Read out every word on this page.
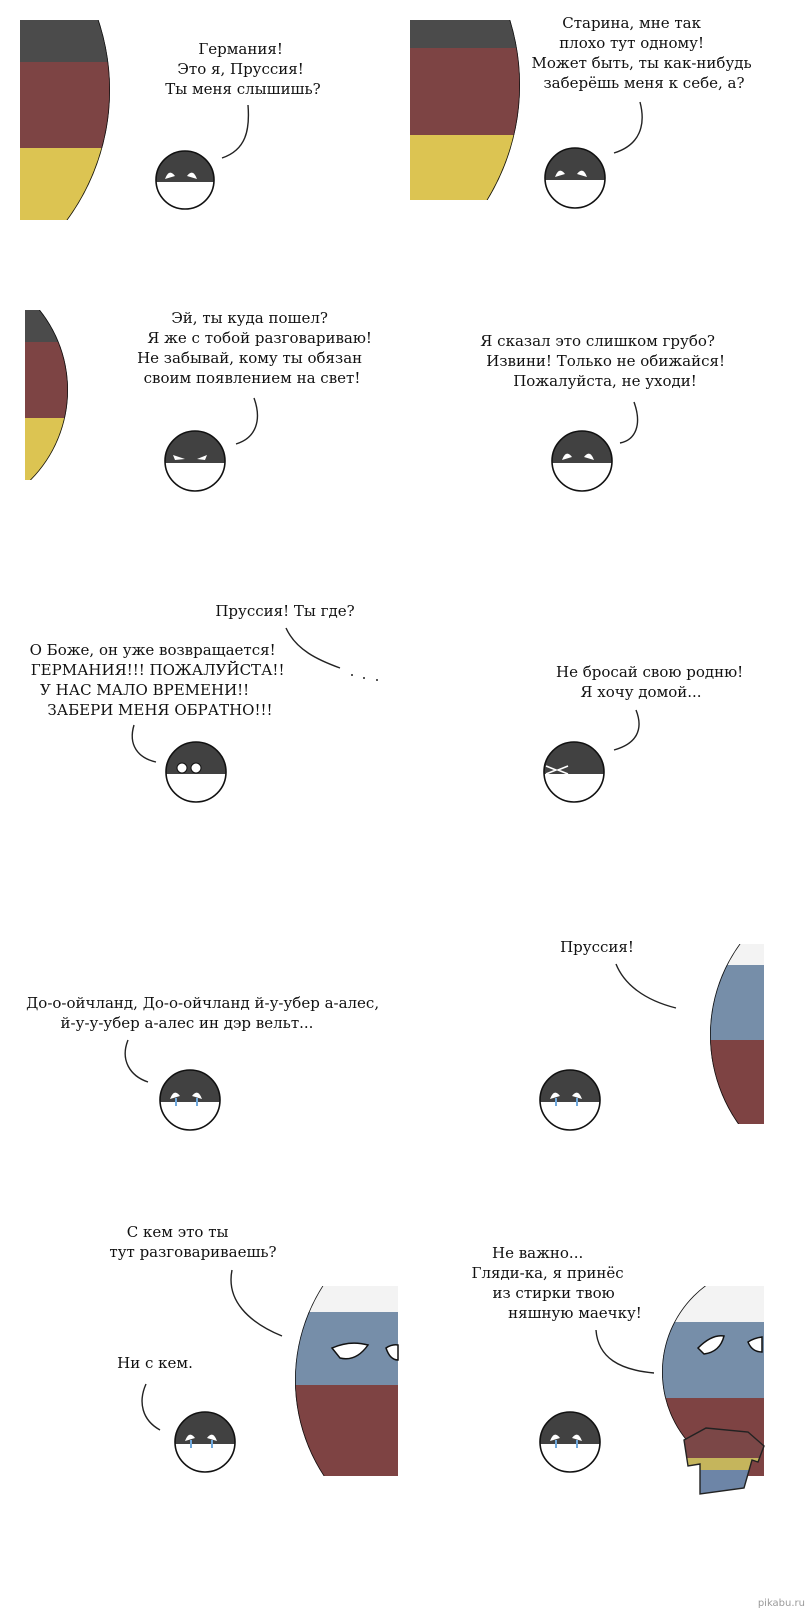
Германия! Это я, Пруссия! Ты меня слышишь?
Старина, мне так плохо тут одному! Может быть, ты как-нибудь заберёшь меня к себе, а?
Эй, ты куда пошел? Я же с тобой разговариваю! Не забывай, кому ты обязан своим появлением на свет!
Я сказал это слишком грубо? Извини! Только не обижайся! Пожалуйста, не уходи!
Пруссия! Ты где?
О Боже, он уже возвращается! ГЕРМАНИЯ!!! ПОЖАЛУЙСТА!! У НАС МАЛО ВРЕМЕНИ!! ЗАБЕРИ МЕНЯ ОБРАТНО!!!
Не бросай свою родню! Я хочу домой...
До-о-ойчланд, До-о-ойчланд й-у-убер а-алес, й-у-у-убер а-алес ин дэр вельт...
Пруссия!
С кем это ты тут разговариваешь?
Ни с кем.
Не важно... Гляди-ка, я принёс из стирки твою няшную маечку!
pikabu.ru
